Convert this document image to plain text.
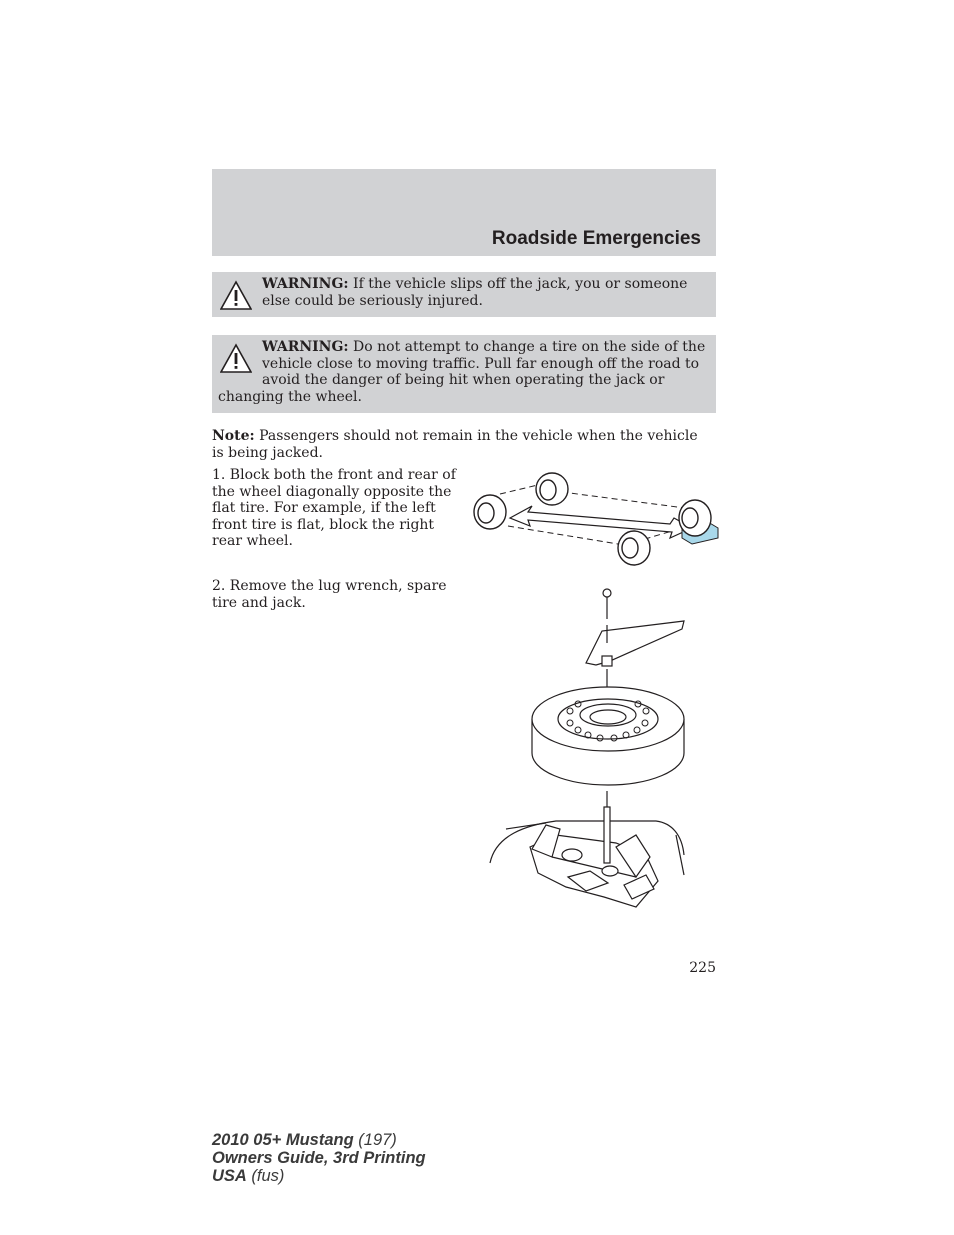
Roadside Emergencies
WARNING: If the vehicle slips off the jack, you or someone else could be seriously injured.
WARNING: Do not attempt to change a tire on the side of the vehicle close to moving traffic. Pull far enough off the road to avoid the danger of being hit when operating the jack or changing the wheel.
Note: Passengers should not remain in the vehicle when the vehicle is being jacked.
1. Block both the front and rear of the wheel diagonally opposite the flat tire. For example, if the left front tire is flat, block the right rear wheel.
2. Remove the lug wrench, spare tire and jack.
225
2010 05+ Mustang (197)
Owners Guide, 3rd Printing
USA (fus)
